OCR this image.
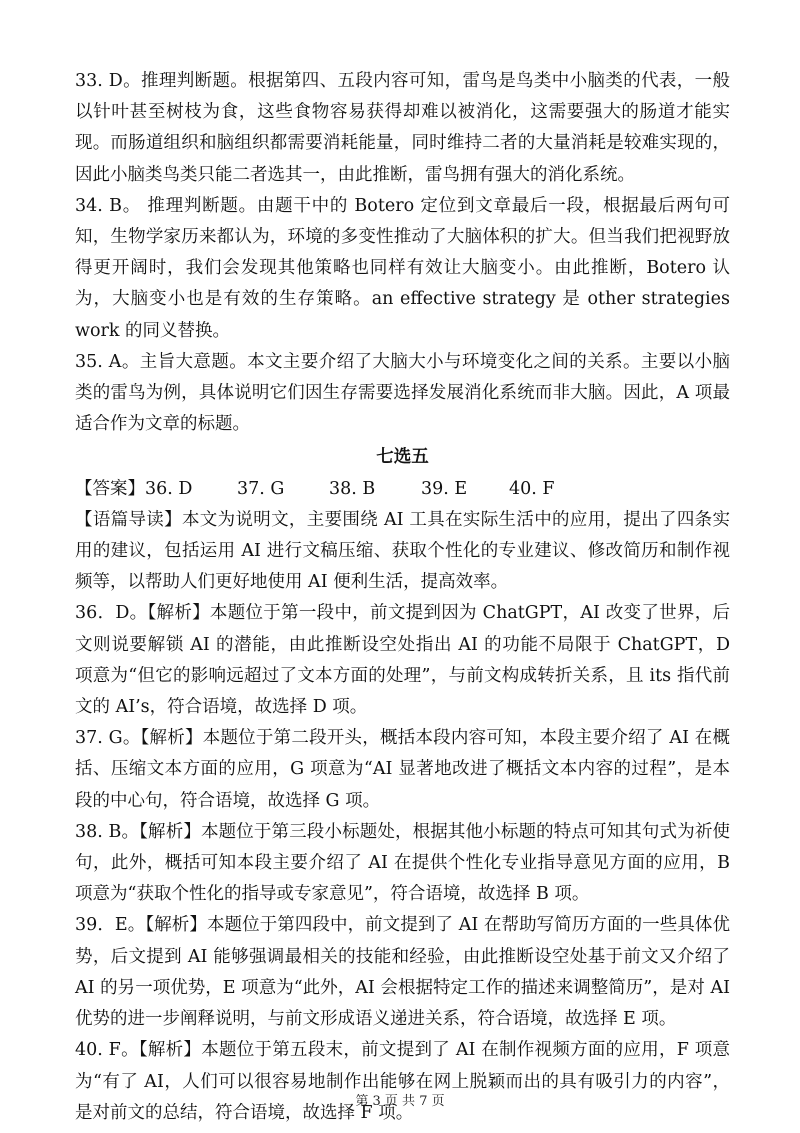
33. D。推理判断题。根据第四、五段内容可知，雷鸟是鸟类中小脑类的代表，一般以针叶甚至树枝为食，这些食物容易获得却难以被消化，这需要强大的肠道才能实现。而肠道组织和脑组织都需要消耗能量，同时维持二者的大量消耗是较难实现的，因此小脑类鸟类只能二者选其一，由此推断，雷鸟拥有强大的消化系统。

34. B。 推理判断题。由题干中的 Botero 定位到文章最后一段，根据最后两句可知，生物学家历来都认为，环境的多变性推动了大脑体积的扩大。但当我们把视野放得更开阔时，我们会发现其他策略也同样有效让大脑变小。由此推断，Botero 认为，大脑变小也是有效的生存策略。an effective strategy 是 other strategies work 的同义替换。

35. A。主旨大意题。本文主要介绍了大脑大小与环境变化之间的关系。主要以小脑类的雷鸟为例，具体说明它们因生存需要选择发展消化系统而非大脑。因此，A 项最适合作为文章的标题。

七选五

【答案】36. D	37. G	38. B	39. E 40. F

【语篇导读】本文为说明文，主要围绕 AI 工具在实际生活中的应用，提出了四条实用的建议，包括运用 AI 进行文稿压缩、获取个性化的专业建议、修改简历和制作视频等，以帮助人们更好地使用 AI 便利生活，提高效率。

36．D。【解析】本题位于第一段中，前文提到因为 ChatGPT，AI 改变了世界，后文则说要解锁 AI 的潜能，由此推断设空处指出 AI 的功能不局限于 ChatGPT，D 项意为“但它的影响远超过了文本方面的处理”，与前文构成转折关系，且 its 指代前文的 AI’s，符合语境，故选择 D 项。

37. G。【解析】本题位于第二段开头，概括本段内容可知，本段主要介绍了 AI 在概括、压缩文本方面的应用，G 项意为“AI 显著地改进了概括文本内容的过程”，是本段的中心句，符合语境，故选择 G 项。

38. B。【解析】本题位于第三段小标题处，根据其他小标题的特点可知其句式为祈使句，此外，概括可知本段主要介绍了 AI 在提供个性化专业指导意见方面的应用，B 项意为“获取个性化的指导或专家意见”，符合语境，故选择 B 项。

39．E。【解析】本题位于第四段中，前文提到了 AI 在帮助写简历方面的一些具体优势，后文提到 AI 能够强调最相关的技能和经验，由此推断设空处基于前文又介绍了 AI 的另一项优势，E 项意为“此外，AI 会根据特定工作的描述来调整简历”，是对 AI 优势的进一步阐释说明，与前文形成语义递进关系，符合语境，故选择 E 项。

40. F。【解析】本题位于第五段末，前文提到了 AI 在制作视频方面的应用，F 项意为“有了 AI，人们可以很容易地制作出能够在网上脱颖而出的具有吸引力的内容”，是对前文的总结，符合语境，故选择 F 项。

第 3 页 共 7 页
